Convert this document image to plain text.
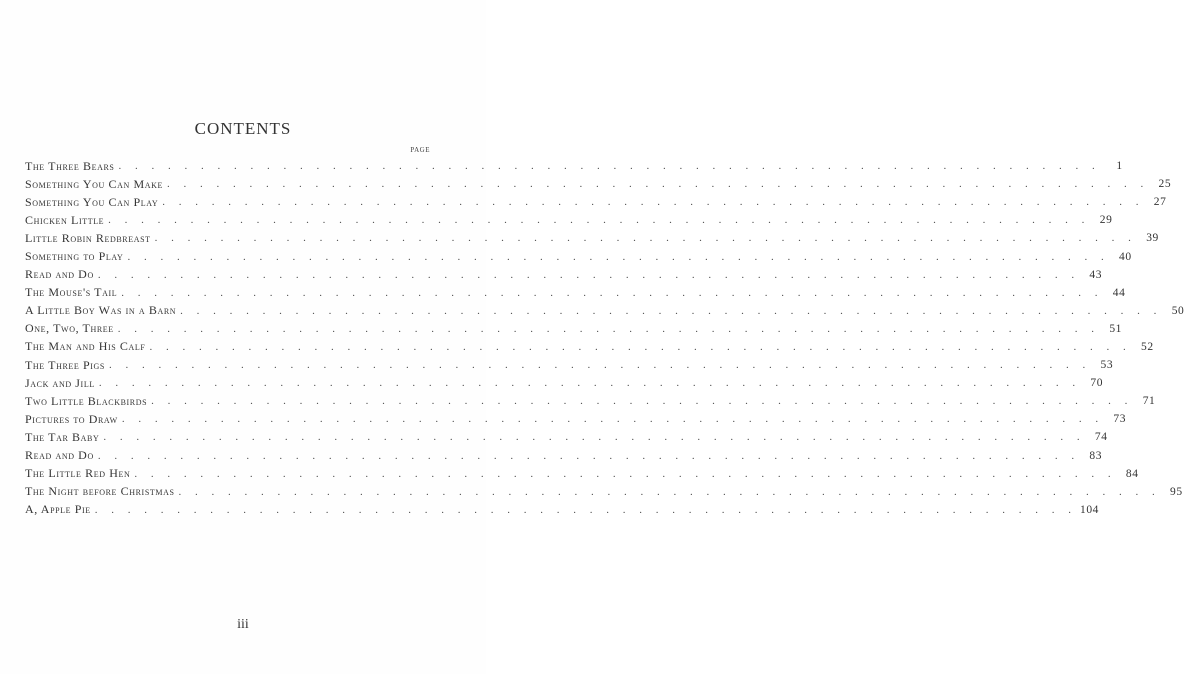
CONTENTS
PAGE
The Three Bears . . . . . . . . . . . . . . . . . . . . . . . . . . . . . . . . . . . . . . . . . . . . . . . . . . . . . . . . . . . .	1
Something You Can Make . . . . . . . . . . . . . . . . . . . . . . . . . . . . . . . . . . . . . . . . . . . . . . . . . . . . . . . . . . . .	25
Something You Can Play . . . . . . . . . . . . . . . . . . . . . . . . . . . . . . . . . . . . . . . . . . . . . . . . . . . . . . . . . . . .	27
Chicken Little . . . . . . . . . . . . . . . . . . . . . . . . . . . . . . . . . . . . . . . . . . . . . . . . . . . . . . . . . . . .	29
Little Robin Redbreast . . . . . . . . . . . . . . . . . . . . . . . . . . . . . . . . . . . . . . . . . . . . . . . . . . . . . . . . . . . .	39
Something to Play . . . . . . . . . . . . . . . . . . . . . . . . . . . . . . . . . . . . . . . . . . . . . . . . . . . . . . . . . . . .	40
Read and Do . . . . . . . . . . . . . . . . . . . . . . . . . . . . . . . . . . . . . . . . . . . . . . . . . . . . . . . . . . . .	43
The Mouse's Tail . . . . . . . . . . . . . . . . . . . . . . . . . . . . . . . . . . . . . . . . . . . . . . . . . . . . . . . . . . . .	44
A Little Boy Was in a Barn . . . . . . . . . . . . . . . . . . . . . . . . . . . . . . . . . . . . . . . . . . . . . . . . . . . . . . . . . . . .	50
One, Two, Three . . . . . . . . . . . . . . . . . . . . . . . . . . . . . . . . . . . . . . . . . . . . . . . . . . . . . . . . . . . .	51
The Man and His Calf . . . . . . . . . . . . . . . . . . . . . . . . . . . . . . . . . . . . . . . . . . . . . . . . . . . . . . . . . . . .	52
The Three Pigs . . . . . . . . . . . . . . . . . . . . . . . . . . . . . . . . . . . . . . . . . . . . . . . . . . . . . . . . . . . .	53
Jack and Jill . . . . . . . . . . . . . . . . . . . . . . . . . . . . . . . . . . . . . . . . . . . . . . . . . . . . . . . . . . . .	70
Two Little Blackbirds . . . . . . . . . . . . . . . . . . . . . . . . . . . . . . . . . . . . . . . . . . . . . . . . . . . . . . . . . . . .	71
Pictures to Draw . . . . . . . . . . . . . . . . . . . . . . . . . . . . . . . . . . . . . . . . . . . . . . . . . . . . . . . . . . . .	73
The Tar Baby . . . . . . . . . . . . . . . . . . . . . . . . . . . . . . . . . . . . . . . . . . . . . . . . . . . . . . . . . . . .	74
Read and Do . . . . . . . . . . . . . . . . . . . . . . . . . . . . . . . . . . . . . . . . . . . . . . . . . . . . . . . . . . . .	83
The Little Red Hen . . . . . . . . . . . . . . . . . . . . . . . . . . . . . . . . . . . . . . . . . . . . . . . . . . . . . . . . . . . .	84
The Night before Christmas . . . . . . . . . . . . . . . . . . . . . . . . . . . . . . . . . . . . . . . . . . . . . . . . . . . . . . . . . . . .	95
A, Apple Pie . . . . . . . . . . . . . . . . . . . . . . . . . . . . . . . . . . . . . . . . . . . . . . . . . . . . . . . . . . . . 104
iii
